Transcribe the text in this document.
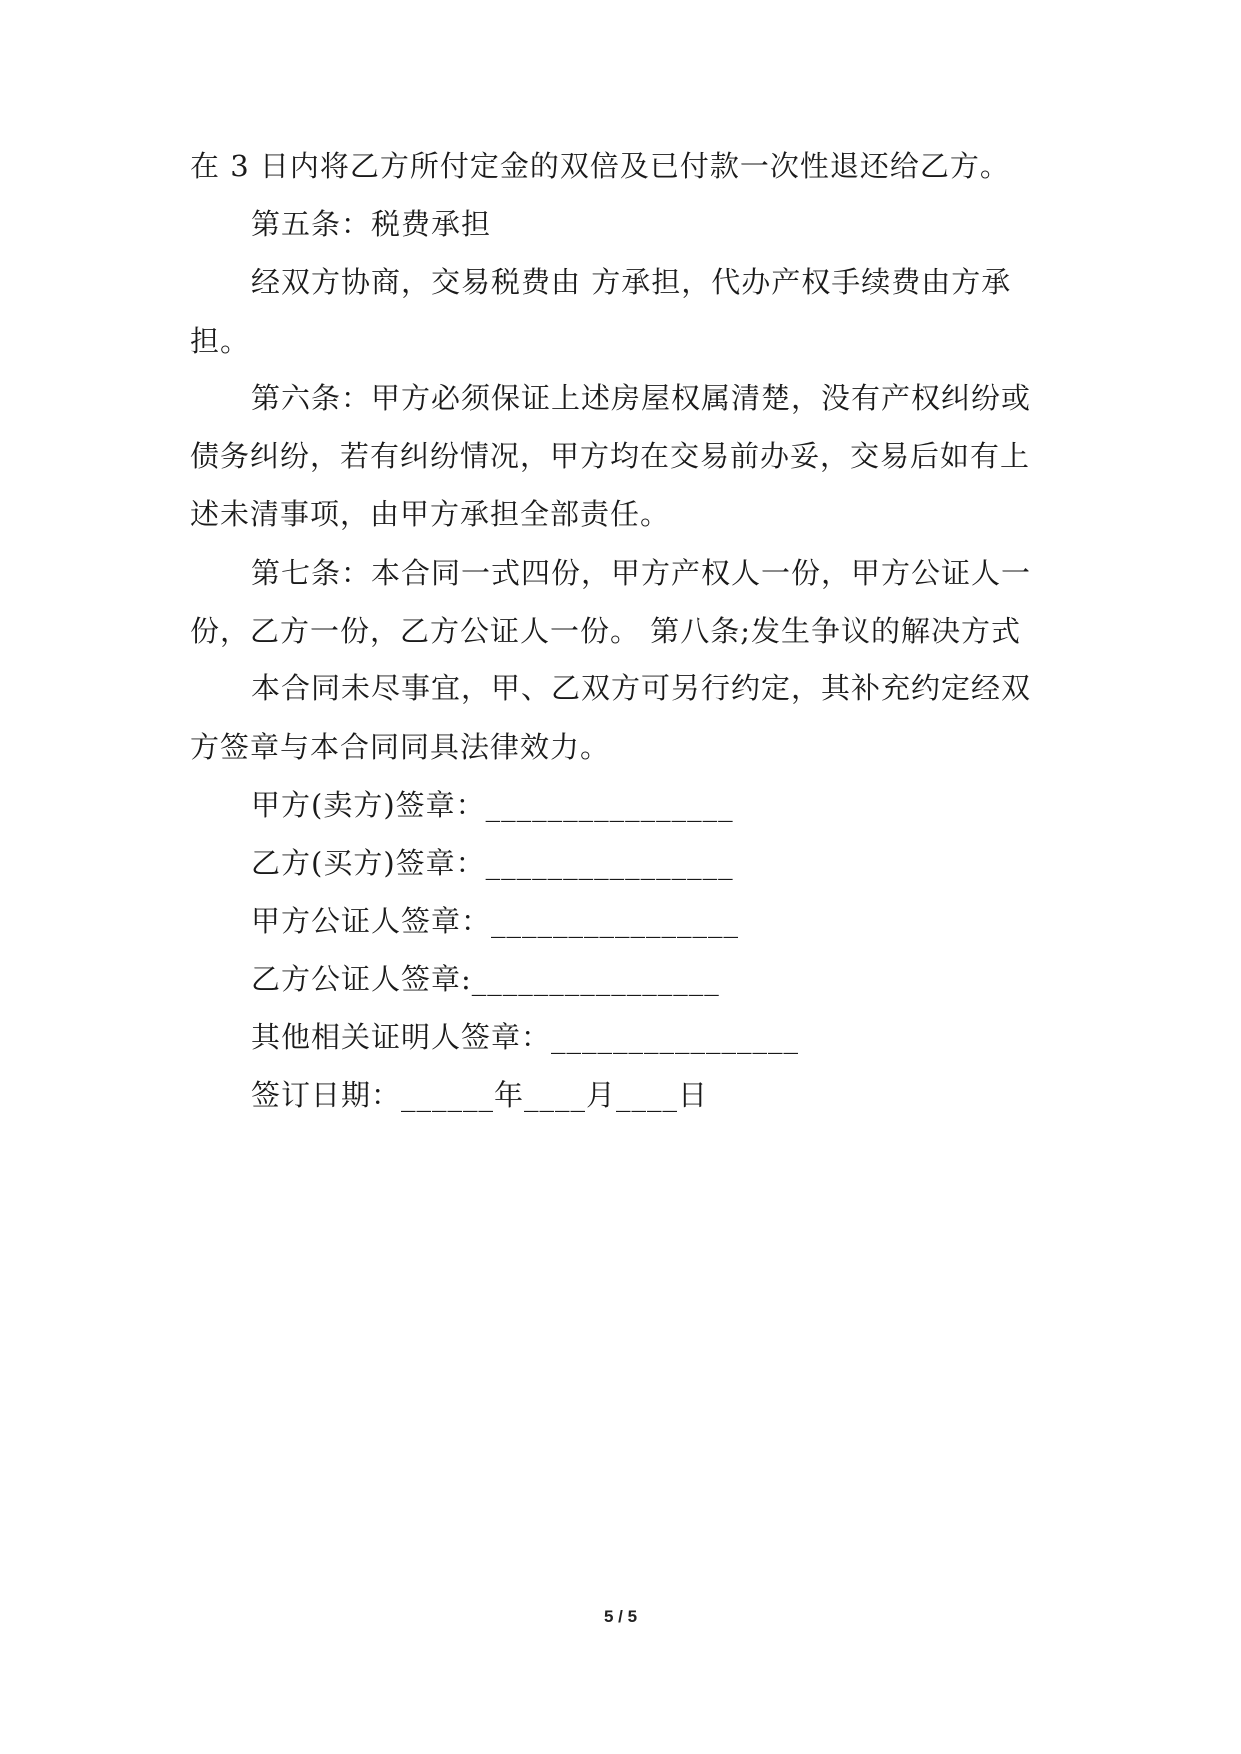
在 3 日内将乙方所付定金的双倍及已付款一次性退还给乙方。
第五条：税费承担
经双方协商，交易税费由 方承担，代办产权手续费由方承
担。
第六条：甲方必须保证上述房屋权属清楚，没有产权纠纷或
债务纠纷，若有纠纷情况，甲方均在交易前办妥，交易后如有上
述未清事项，由甲方承担全部责任。
第七条：本合同一式四份，甲方产权人一份，甲方公证人一
份，乙方一份，乙方公证人一份。 第八条;发生争议的解决方式
本合同未尽事宜，甲、乙双方可另行约定，其补充约定经双
方签章与本合同同具法律效力。
甲方(卖方)签章：________________
乙方(买方)签章：________________
甲方公证人签章：________________
乙方公证人签章:________________
其他相关证明人签章：________________
签订日期：______年____月____日
5 / 5
